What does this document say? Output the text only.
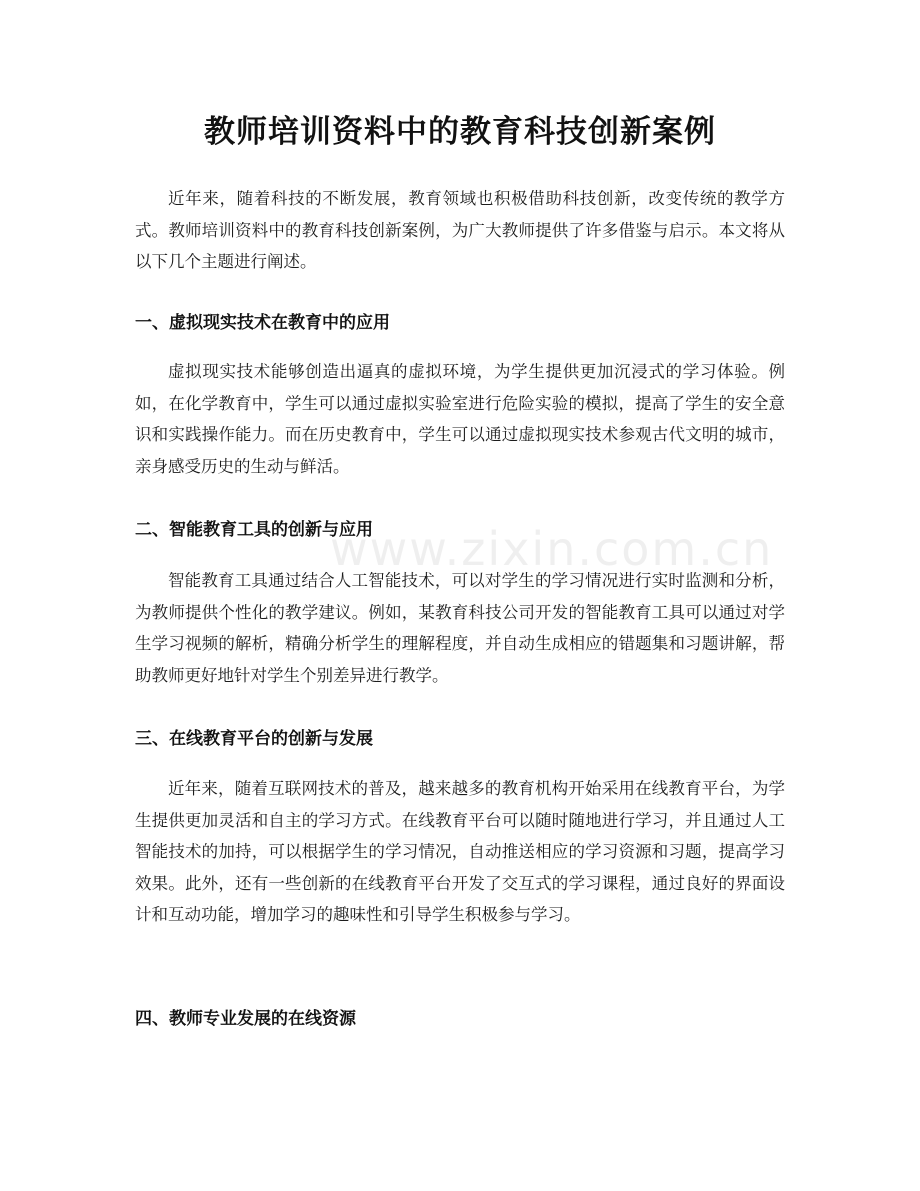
www.zixin.com.cn
教师培训资料中的教育科技创新案例

近年来，随着科技的不断发展，教育领域也积极借助科技创新，改变传统的教学方式。教师培训资料中的教育科技创新案例，为广大教师提供了许多借鉴与启示。本文将从以下几个主题进行阐述。

一、虚拟现实技术在教育中的应用

虚拟现实技术能够创造出逼真的虚拟环境，为学生提供更加沉浸式的学习体验。例如，在化学教育中，学生可以通过虚拟实验室进行危险实验的模拟，提高了学生的安全意识和实践操作能力。而在历史教育中，学生可以通过虚拟现实技术参观古代文明的城市，亲身感受历史的生动与鲜活。

二、智能教育工具的创新与应用

智能教育工具通过结合人工智能技术，可以对学生的学习情况进行实时监测和分析，为教师提供个性化的教学建议。例如，某教育科技公司开发的智能教育工具可以通过对学生学习视频的解析，精确分析学生的理解程度，并自动生成相应的错题集和习题讲解，帮助教师更好地针对学生个别差异进行教学。

三、在线教育平台的创新与发展

近年来，随着互联网技术的普及，越来越多的教育机构开始采用在线教育平台，为学生提供更加灵活和自主的学习方式。在线教育平台可以随时随地进行学习，并且通过人工智能技术的加持，可以根据学生的学习情况，自动推送相应的学习资源和习题，提高学习效果。此外，还有一些创新的在线教育平台开发了交互式的学习课程，通过良好的界面设计和互动功能，增加学习的趣味性和引导学生积极参与学习。

四、教师专业发展的在线资源
